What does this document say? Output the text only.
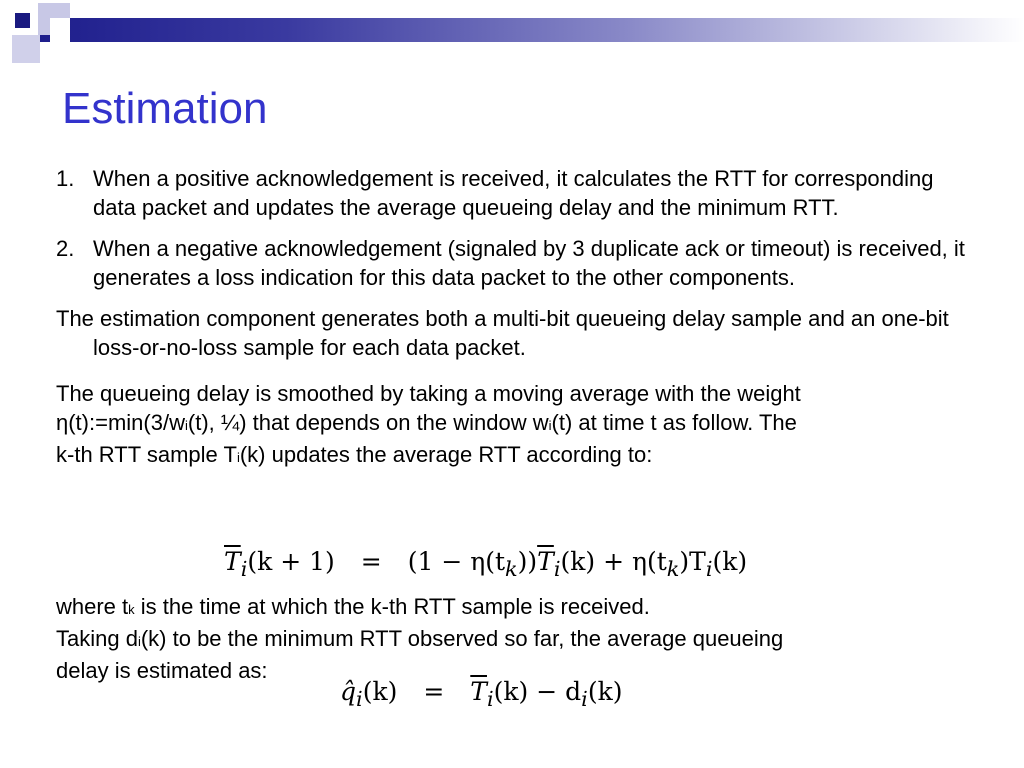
Estimation
1. When a positive acknowledgement is received, it calculates the RTT for corresponding data packet and updates the average queueing delay and the minimum RTT.
2. When a negative acknowledgement (signaled by 3 duplicate ack or timeout) is received, it generates a loss indication for this data packet to the other components.
The estimation component generates both a multi-bit queueing delay sample and an one-bit loss-or-no-loss sample for each data packet.
The queueing delay is smoothed by taking a moving average with the weight
η(t):=min(3/wi(t), ¼) that depends on the window wi(t) at time t as follow. The
k-th RTT sample Ti(k) updates the average RTT according to:
$\overline{T}_i(k + 1) = (1 - \eta(t_k))\overline{T}_i(k) + \eta(t_k)T_i(k)$
where tk is the time at which the k-th RTT sample is received.
Taking di(k) to be the minimum RTT observed so far, the average queueing
delay is estimated as:
$q̂_i(k) = \overline{T}_i(k) - d_i(k)$
